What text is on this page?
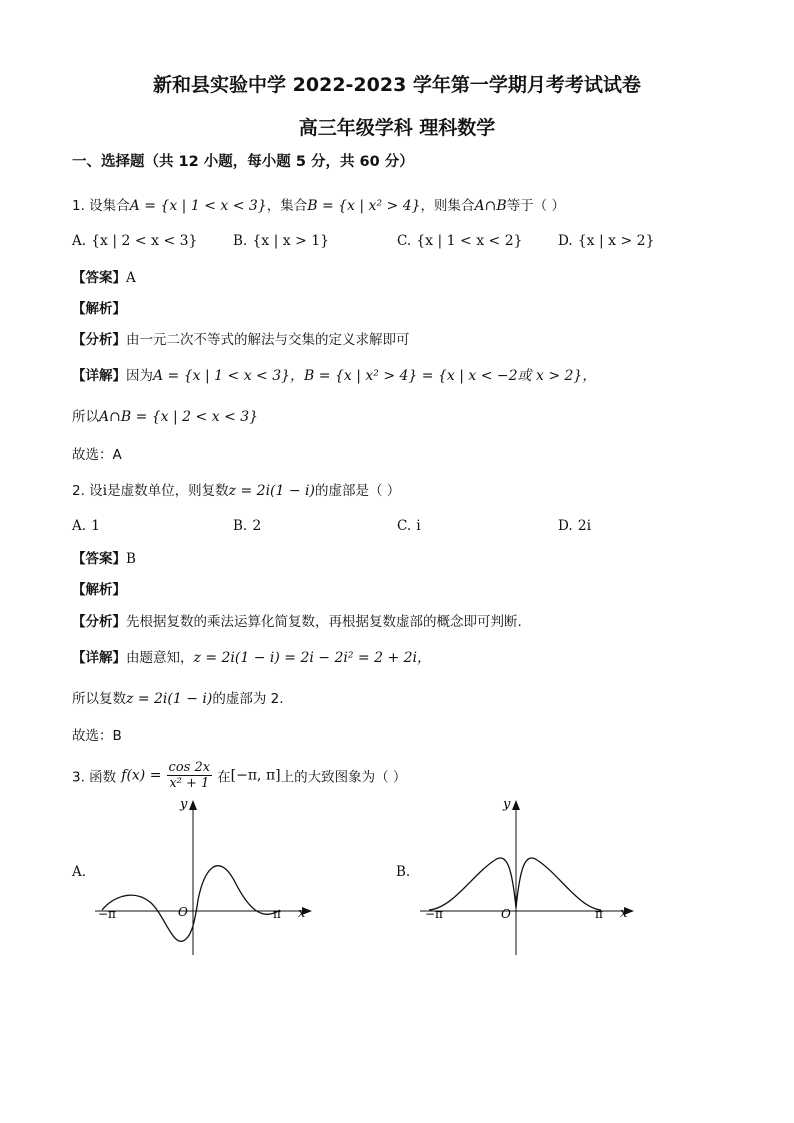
新和县实验中学 2022-2023 学年第一学期月考考试试卷
高三年级学科 理科数学
一、选择题（共 12 小题，每小题 5 分，共 60 分）
1. 设集合A = {x | 1 < x < 3}，集合B = {x | x² > 4}，则集合A∩B等于（ ）
A. {x | 2 < x < 3}	B. {x | x > 1}	C. {x | 1 < x < 2}	D. {x | x > 2}
【答案】A
【解析】
【分析】由一元二次不等式的解法与交集的定义求解即可
【详解】因为A = {x | 1 < x < 3}，B = {x | x² > 4} = {x | x < −2或 x > 2}，
所以A∩B = {x | 2 < x < 3}
故选：A
2. 设i是虚数单位，则复数z = 2i(1 − i)的虚部是（ ）
A. 1	B. 2	C. i	D. 2i
【答案】B
【解析】
【分析】先根据复数的乘法运算化简复数，再根据复数虚部的概念即可判断.
【详解】由题意知，z = 2i(1 − i) = 2i − 2i² = 2 + 2i，
所以复数z = 2i(1 − i)的虚部为 2.
故选：B
3. 函数 $f(x) = \frac{\cos 2x}{\text{x² + 1}}$ 在[−π, π]上的大致图象为（ ）
A.
y
O
−π	π x
B.
y
O
−π	π x
